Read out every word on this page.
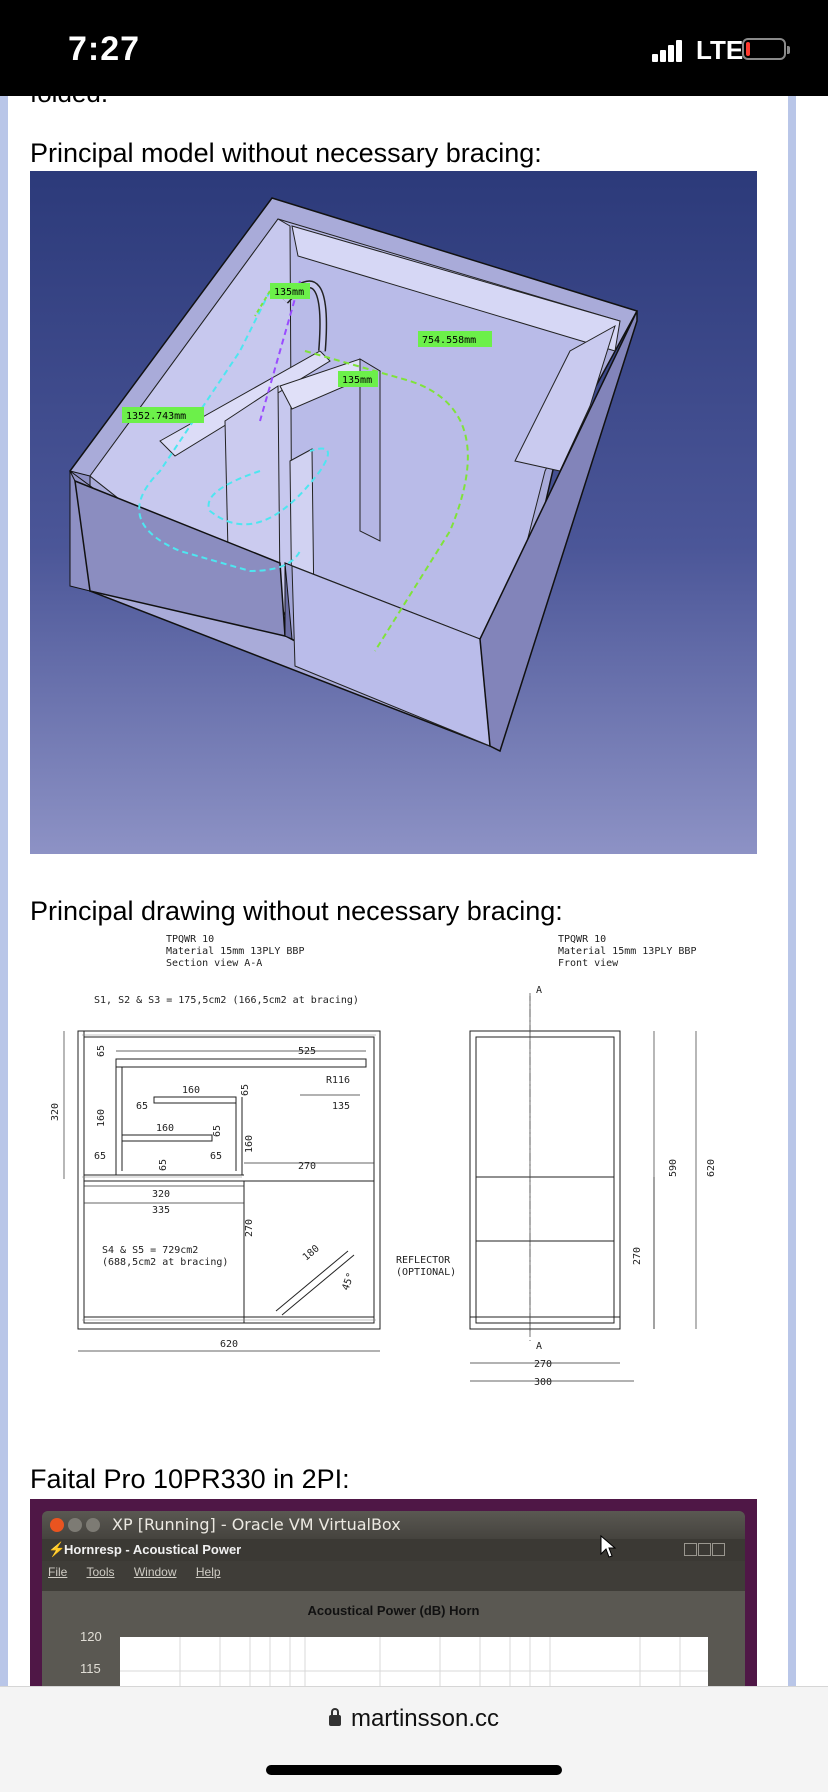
7:27	LTE
folded.
Principal model without necessary bracing:
135mm
754.558mm
135mm
1352.743mm
Principal drawing without necessary bracing:
TPQWR 10
Material 15mm 13PLY BBP
Section view A-A
TPQWR 10
Material 15mm 13PLY BBP
Front view
S1, S2 & S3 = 175,5cm2 (166,5cm2 at bracing)
525
65
160
65
160
160
65
65
65	65
65
160
R116
135
270
320
320
335
270
180
45°
S4 & S5 = 729cm2
(688,5cm2 at bracing)	REFLECTOR
(OPTIONAL)
620
A
A
590	620
270
270
300
Faital Pro 10PR330 in 2PI:
XP [Running] - Oracle VM VirtualBox
⚡
Hornresp - Acoustical Power
File Tools Window Help
Acoustical Power (dB) Horn
120
115
martinsson.cc
